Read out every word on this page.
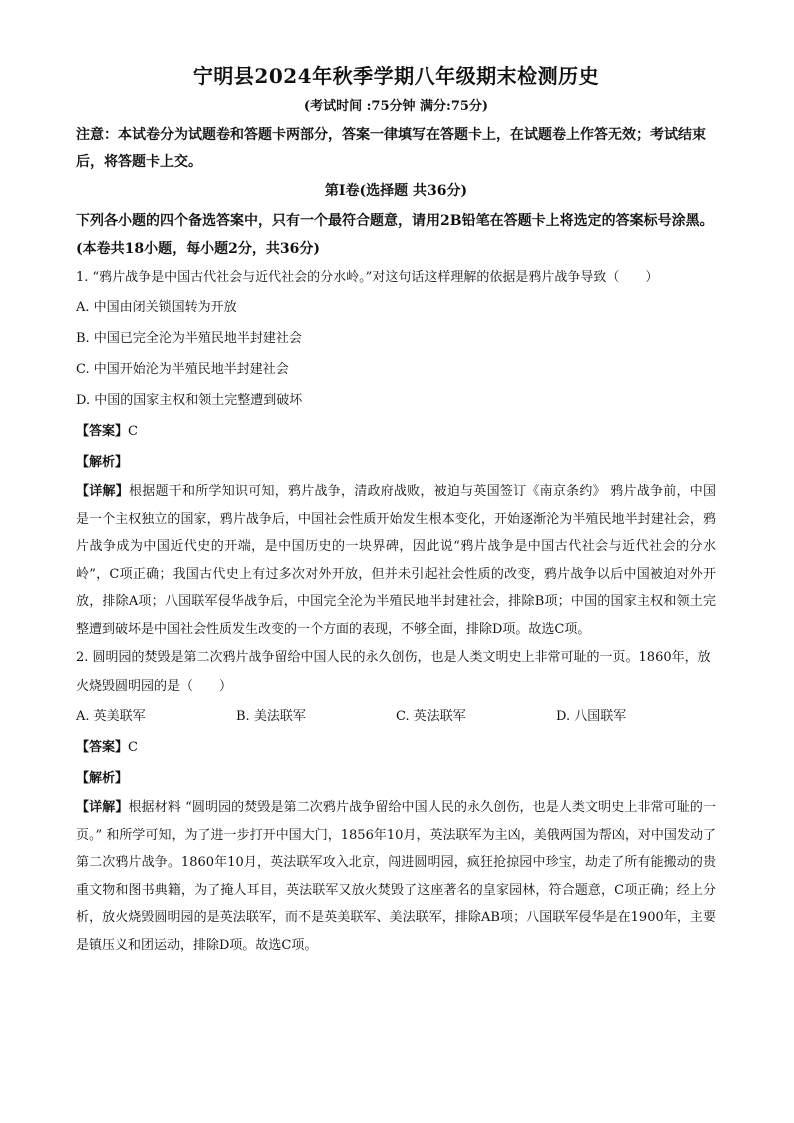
宁明县2024年秋季学期八年级期末检测历史

(考试时间 :75分钟 满分:75分)

注意：本试卷分为试题卷和答题卡两部分，答案一律填写在答题卡上，在试题卷上作答无效；考试结束后，将答题卡上交。

第Ⅰ卷(选择题 共36分)

下列各小题的四个备选答案中，只有一个最符合题意，请用2B铅笔在答题卡上将选定的答案标号涂黑。(本卷共18小题，每小题2分，共36分)

1. “鸦片战争是中国古代社会与近代社会的分水岭。”对这句话这样理解的依据是鸦片战争导致（　　）

A. 中国由闭关锁国转为开放

B. 中国已完全沦为半殖民地半封建社会

C. 中国开始沦为半殖民地半封建社会

D. 中国的国家主权和领土完整遭到破坏

【答案】C

【解析】

【详解】根据题干和所学知识可知，鸦片战争，清政府战败，被迫与英国签订《南京条约》 鸦片战争前，中国是一个主权独立的国家，鸦片战争后，中国社会性质开始发生根本变化，开始逐渐沦为半殖民地半封建社会，鸦片战争成为中国近代史的开端，是中国历史的一块界碑，因此说“鸦片战争是中国古代社会与近代社会的分水岭”，C项正确；我国古代史上有过多次对外开放，但并未引起社会性质的改变，鸦片战争以后中国被迫对外开放，排除A项；八国联军侵华战争后，中国完全沦为半殖民地半封建社会，排除B项；中国的国家主权和领土完整遭到破坏是中国社会性质发生改变的一个方面的表现，不够全面，排除D项。故选C项。

2. 圆明园的焚毁是第二次鸦片战争留给中国人民的永久创伤，也是人类文明史上非常可耻的一页。1860年，放火烧毁圆明园的是（　　）

A. 英美联军	B. 美法联军	C. 英法联军	D. 八国联军

【答案】C

【解析】

【详解】根据材料 “圆明园的焚毁是第二次鸦片战争留给中国人民的永久创伤，也是人类文明史上非常可耻的一页。” 和所学可知，为了进一步打开中国大门，1856年10月，英法联军为主凶，美俄两国为帮凶，对中国发动了第二次鸦片战争。1860年10月，英法联军攻入北京，闯进圆明园，疯狂抢掠园中珍宝，劫走了所有能搬动的贵重文物和图书典籍，为了掩人耳目，英法联军又放火焚毁了这座著名的皇家园林，符合题意，C项正确；经上分析，放火烧毁圆明园的是英法联军，而不是英美联军、美法联军，排除AB项；八国联军侵华是在1900年，主要是镇压义和团运动，排除D项。故选C项。
